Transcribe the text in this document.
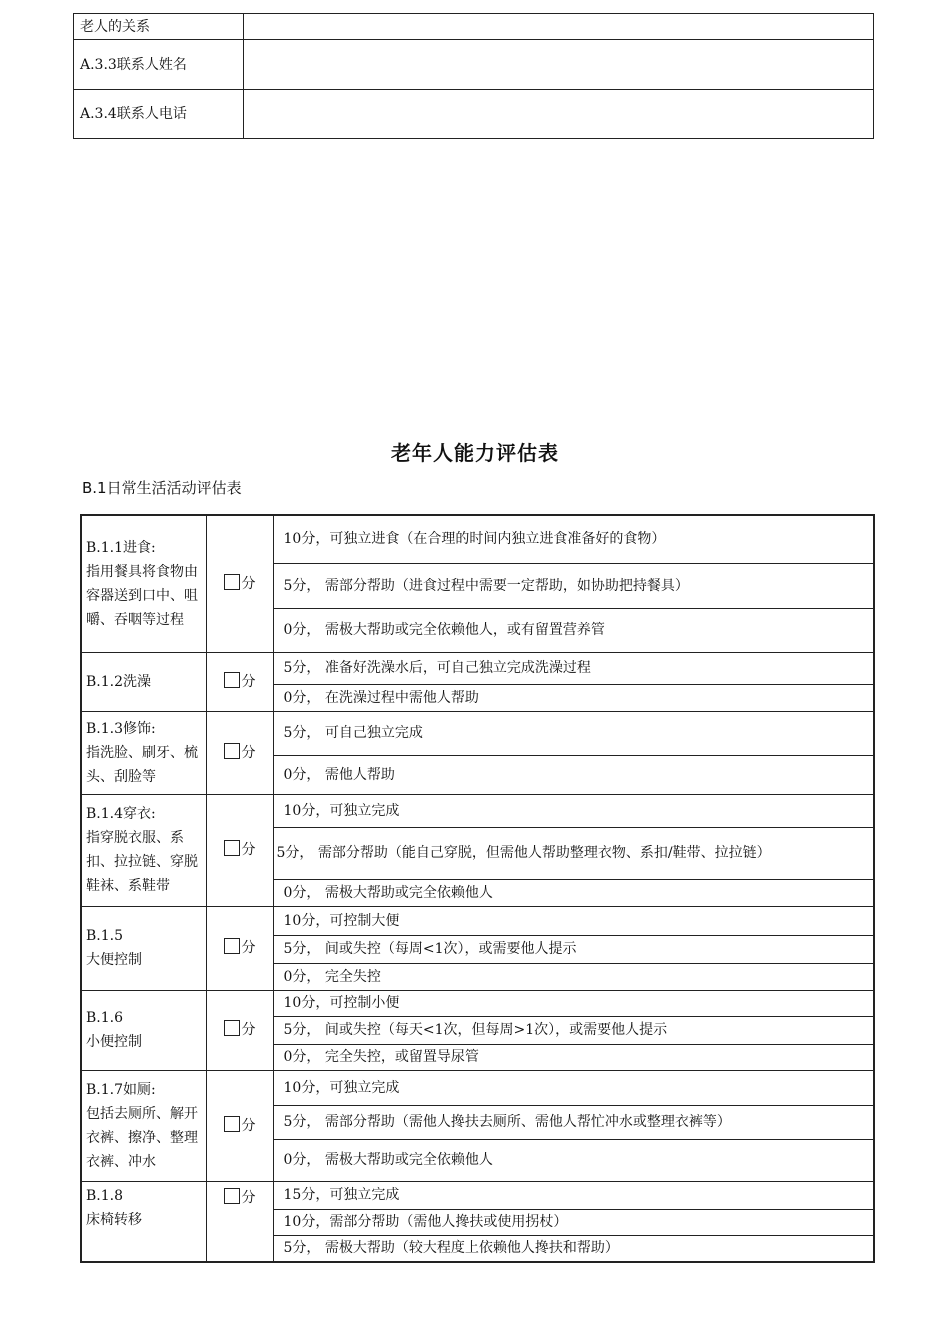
老人的关系	
A.3.3联系人姓名	
A.3.4联系人电话	
老年人能力评估表
B.1日常生活活动评估表
B.1.1进食:
指用餐具将食物由容器送到口中、咀嚼、吞咽等过程	分	10分，可独立进食（在合理的时间内独立进食准备好的食物）
		5分， 需部分帮助（进食过程中需要一定帮助，如协助把持餐具）
		0分， 需极大帮助或完全依赖他人，或有留置营养管
B.1.2洗澡	分	5分， 准备好洗澡水后，可自己独立完成洗澡过程
		0分， 在洗澡过程中需他人帮助
B.1.3修饰:
指洗脸、刷牙、梳头、刮脸等	分	5分， 可自己独立完成
		0分， 需他人帮助
B.1.4穿衣:
指穿脱衣服、系扣、拉拉链、穿脱鞋袜、系鞋带	分	10分，可独立完成
		5分， 需部分帮助（能自己穿脱，但需他人帮助整理衣物、系扣/鞋带、拉拉链）
		0分， 需极大帮助或完全依赖他人
B.1.5
大便控制	分	10分，可控制大便
		5分， 间或失控（每周<1次），或需要他人提示
		0分， 完全失控
B.1.6
小便控制	分	10分，可控制小便
		5分， 间或失控（每天<1次，但每周>1次），或需要他人提示
		0分， 完全失控，或留置导尿管
B.1.7如厕:
包括去厕所、解开衣裤、擦净、整理衣裤、冲水	分	10分，可独立完成
		5分， 需部分帮助（需他人搀扶去厕所、需他人帮忙冲水或整理衣裤等）
		0分， 需极大帮助或完全依赖他人
B.1.8
床椅转移	分	15分，可独立完成
		10分，需部分帮助（需他人搀扶或使用拐杖）
		5分， 需极大帮助（较大程度上依赖他人搀扶和帮助）
